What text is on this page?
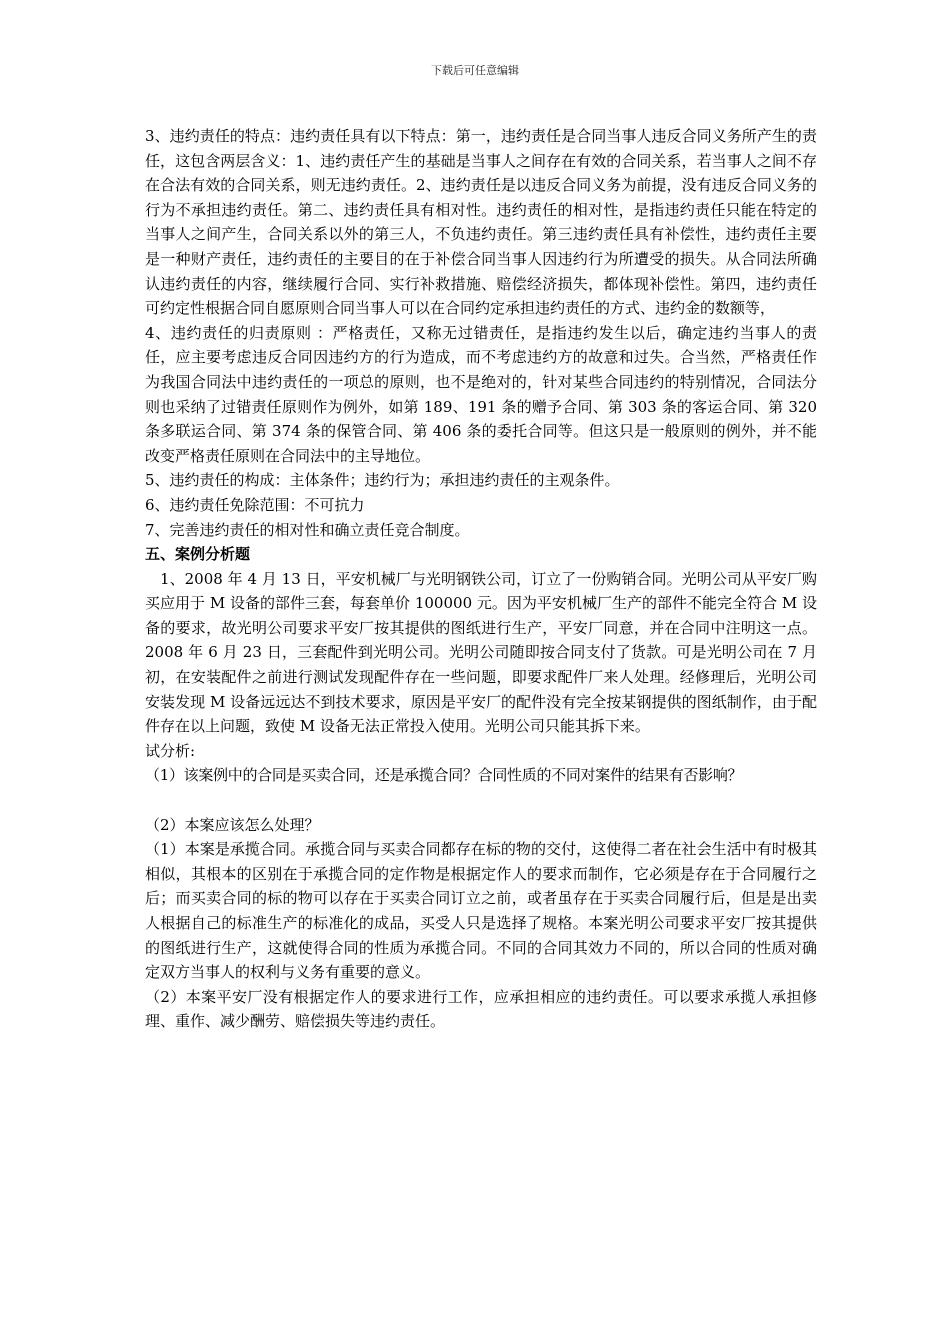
下载后可任意编辑

3、违约责任的特点：违约责任具有以下特点：第一，违约责任是合同当事人违反合同义务所产生的责任，这包含两层含义：1、违约责任产生的基础是当事人之间存在有效的合同关系，若当事人之间不存在合法有效的合同关系，则无违约责任。2、违约责任是以违反合同义务为前提，没有违反合同义务的行为不承担违约责任。第二、违约责任具有相对性。违约责任的相对性，是指违约责任只能在特定的当事人之间产生，合同关系以外的第三人，不负违约责任。第三违约责任具有补偿性，违约责任主要是一种财产责任，违约责任的主要目的在于补偿合同当事人因违约行为所遭受的损失。从合同法所确认违约责任的内容，继续履行合同、实行补救措施、赔偿经济损失，都体现补偿性。第四，违约责任可约定性根据合同自愿原则合同当事人可以在合同约定承担违约责任的方式、违约金的数额等，

4、违约责任的归责原则 ：严格责任，又称无过错责任，是指违约发生以后，确定违约当事人的责任，应主要考虑违反合同因违约方的行为造成，而不考虑违约方的故意和过失。合当然，严格责任作为我国合同法中违约责任的一项总的原则，也不是绝对的，针对某些合同违约的特别情况，合同法分则也采纳了过错责任原则作为例外，如第 189、191 条的赠予合同、第 303 条的客运合同、第 320 条多联运合同、第 374 条的保管合同、第 406 条的委托合同等。但这只是一般原则的例外，并不能改变严格责任原则在合同法中的主导地位。

5、违约责任的构成：主体条件；违约行为；承担违约责任的主观条件。

6、违约责任免除范围：不可抗力

7、完善违约责任的相对性和确立责任竞合制度。

五、案例分析题

1、2008 年 4 月 13 日，平安机械厂与光明钢铁公司，订立了一份购销合同。光明公司从平安厂购买应用于 M 设备的部件三套，每套单价 100000 元。因为平安机械厂生产的部件不能完全符合 M 设备的要求，故光明公司要求平安厂按其提供的图纸进行生产，平安厂同意，并在合同中注明这一点。 2008 年 6 月 23 日，三套配件到光明公司。光明公司随即按合同支付了货款。可是光明公司在 7 月初，在安装配件之前进行测试发现配件存在一些问题，即要求配件厂来人处理。经修理后，光明公司安装发现 M 设备远远达不到技术要求，原因是平安厂的配件没有完全按某钢提供的图纸制作，由于配件存在以上问题，致使 M 设备无法正常投入使用。光明公司只能其拆下来。

试分析:

（1）该案例中的合同是买卖合同，还是承揽合同？合同性质的不同对案件的结果有否影响？

（2）本案应该怎么处理？

（1）本案是承揽合同。承揽合同与买卖合同都存在标的物的交付，这使得二者在社会生活中有时极其相似，其根本的区别在于承揽合同的定作物是根据定作人的要求而制作，它必须是存在于合同履行之后；而买卖合同的标的物可以存在于买卖合同订立之前，或者虽存在于买卖合同履行后，但是是出卖人根据自己的标准生产的标准化的成品，买受人只是选择了规格。本案光明公司要求平安厂按其提供的图纸进行生产，这就使得合同的性质为承揽合同。不同的合同其效力不同的，所以合同的性质对确定双方当事人的权利与义务有重要的意义。

（2）本案平安厂没有根据定作人的要求进行工作，应承担相应的违约责任。可以要求承揽人承担修理、重作、减少酬劳、赔偿损失等违约责任。
